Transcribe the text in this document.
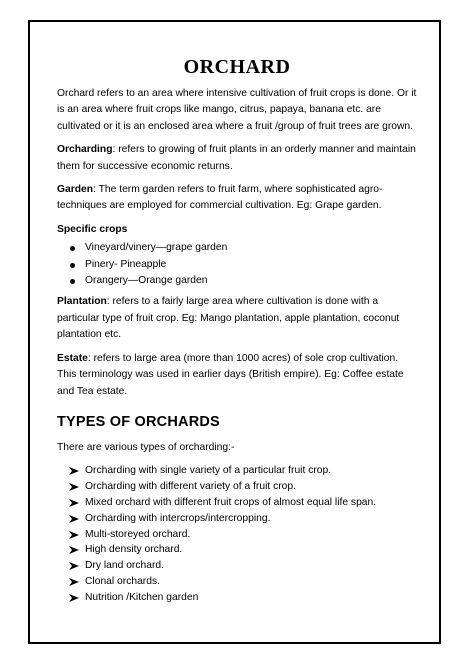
ORCHARD

Orchard refers to an area where intensive cultivation of fruit crops is done. Or it is an area where fruit crops like mango, citrus, papaya, banana etc. are cultivated or it is an enclosed area where a fruit /group of fruit trees are grown.

Orcharding: refers to growing of fruit plants in an orderly manner and maintain them for successive economic returns.

Garden: The term garden refers to fruit farm, where sophisticated agro-techniques are employed for commercial cultivation. Eg: Grape garden.

Specific crops
Vineyard/vinery—grape garden
Pinery- Pineapple
Orangery—Orange garden

Plantation: refers to a fairly large area where cultivation is done with a particular type of fruit crop. Eg: Mango plantation, apple plantation, coconut plantation etc.

Estate: refers to large area (more than 1000 acres) of sole crop cultivation. This terminology was used in earlier days (British empire). Eg: Coffee estate and Tea estate.

TYPES OF ORCHARDS

There are various types of orcharding:-

Orcharding with single variety of a particular fruit crop.
Orcharding with different variety of a fruit crop.
Mixed orchard with different fruit crops of almost equal life span.
Orcharding with intercrops/intercropping.
Multi-storeyed orchard.
High density orchard.
Dry land orchard.
Clonal orchards.
Nutrition /Kitchen garden
